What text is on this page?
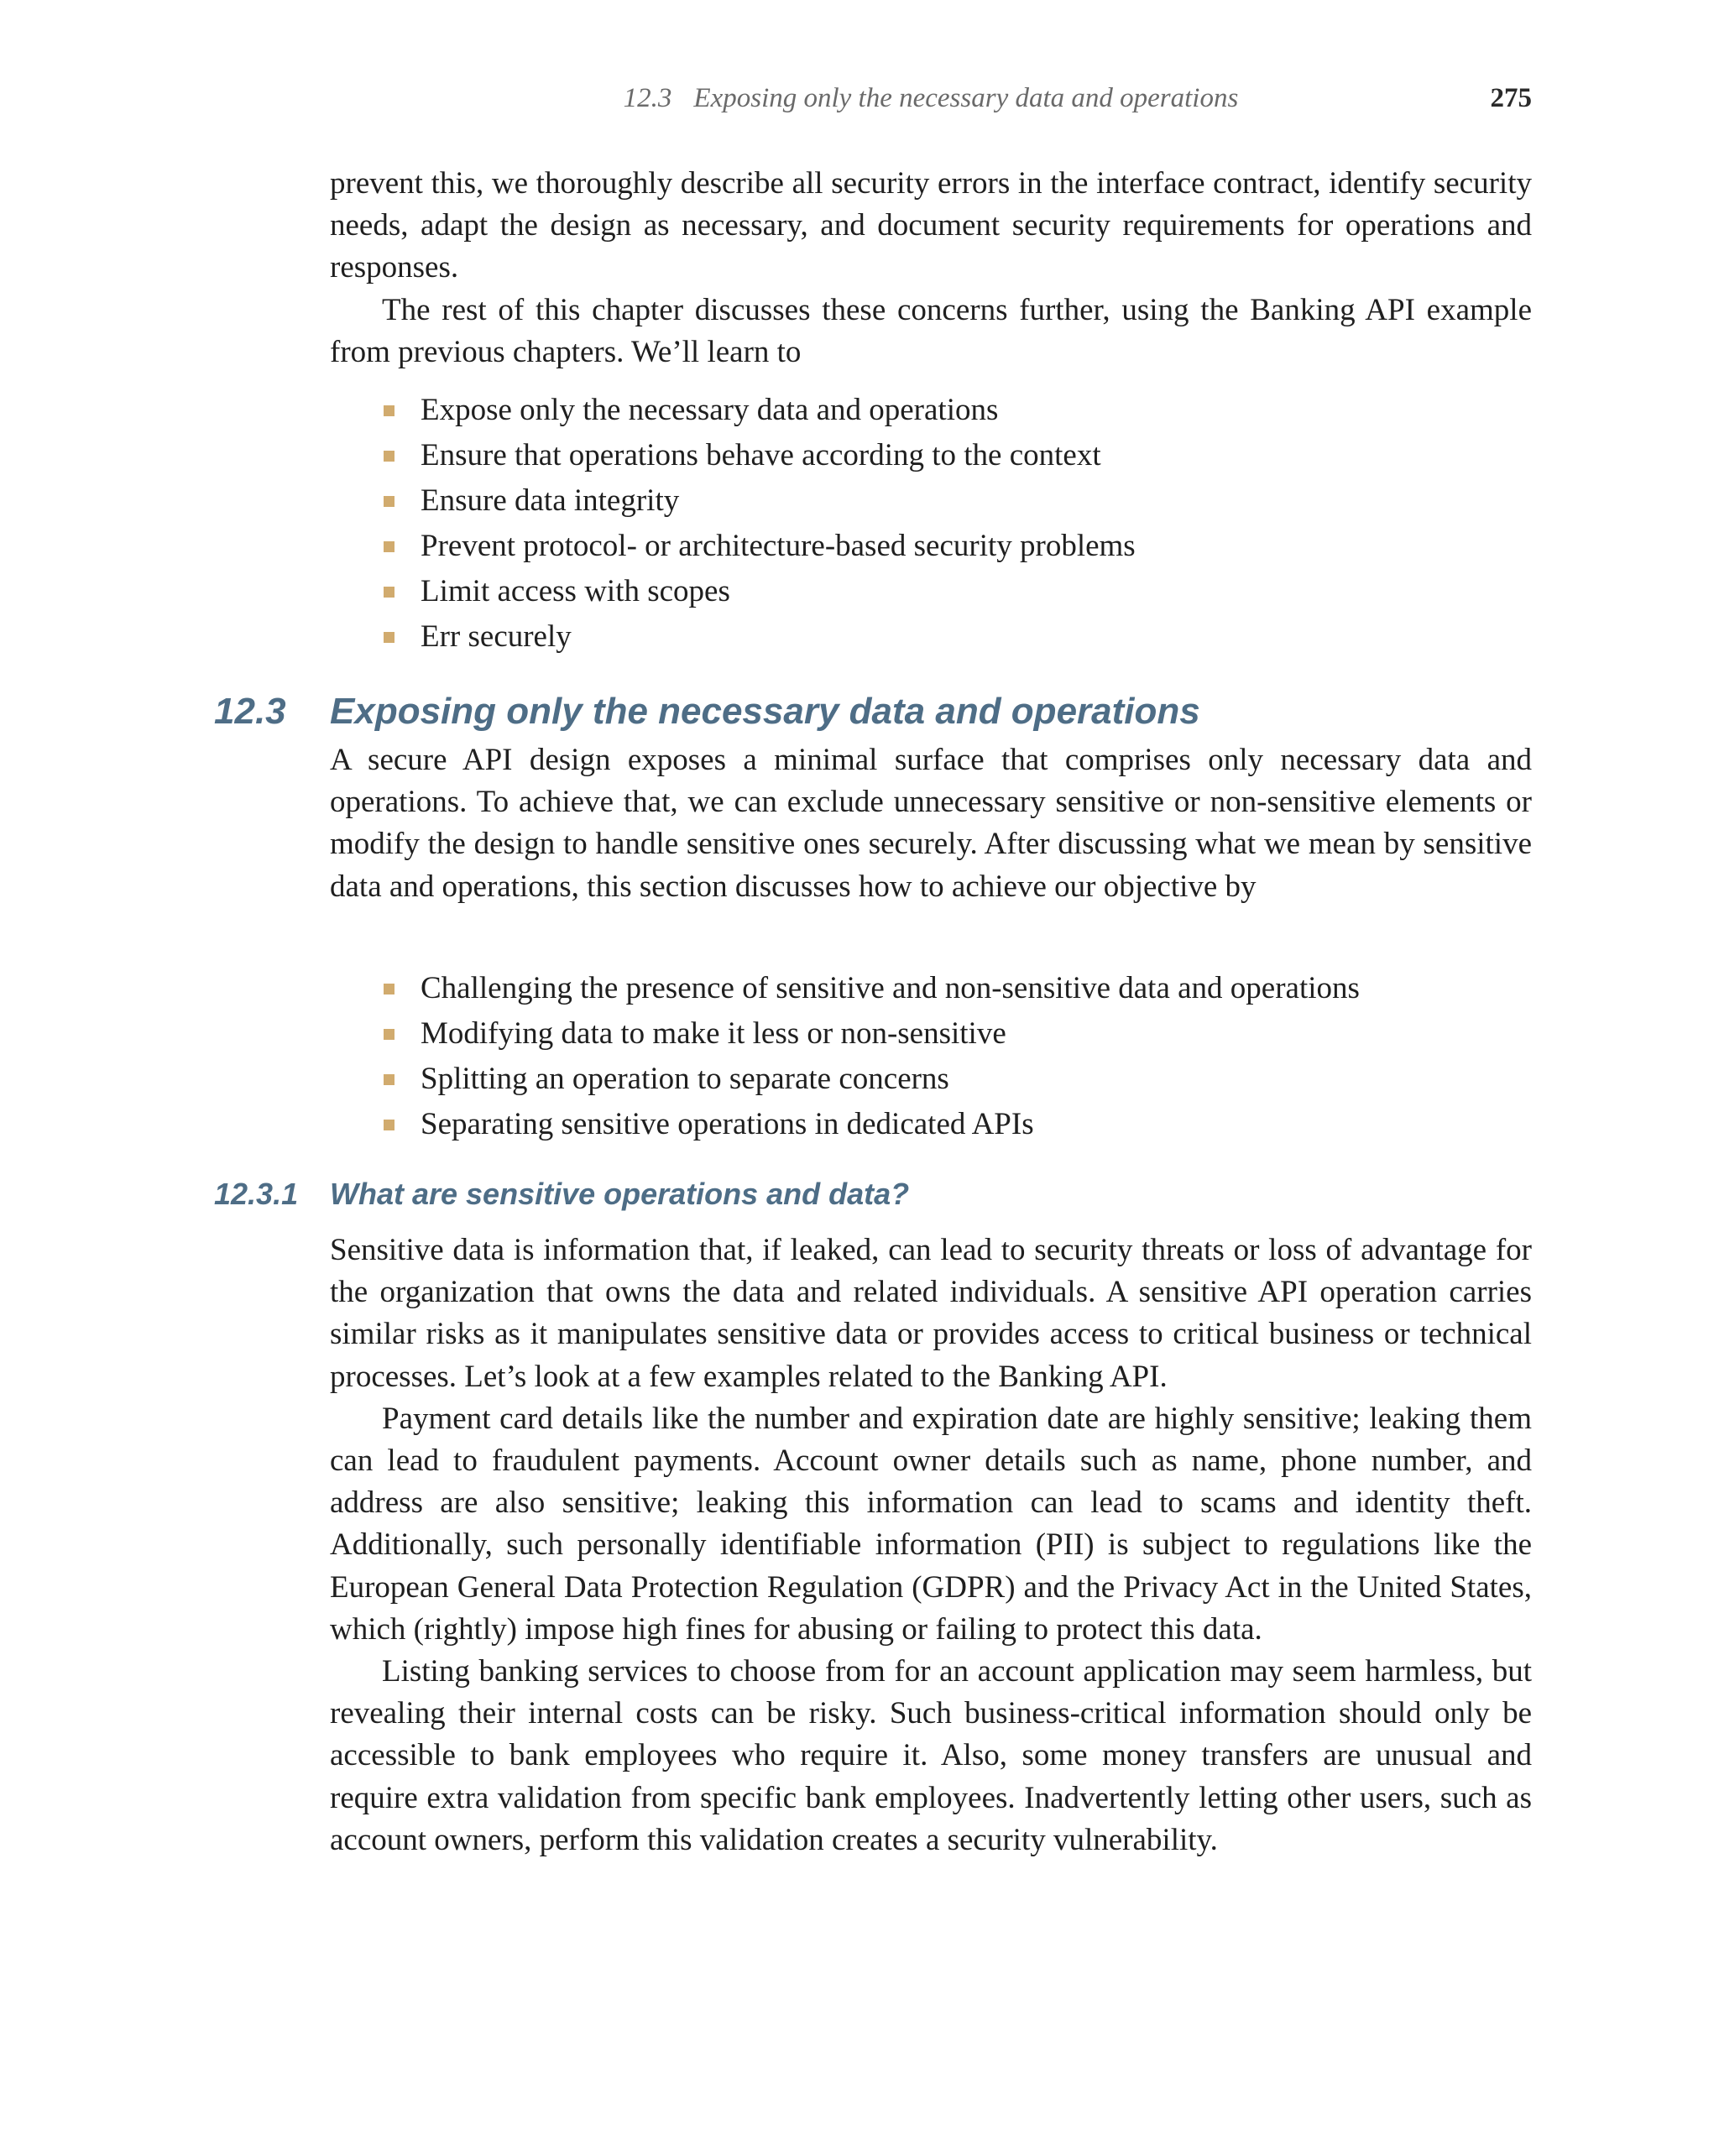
12.3 Exposing only the necessary data and operations	275

prevent this, we thoroughly describe all security errors in the interface contract, identify security needs, adapt the design as necessary, and document security requirements for operations and responses.

The rest of this chapter discusses these concerns further, using the Banking API example from previous chapters. We’ll learn to

Expose only the necessary data and operations
Ensure that operations behave according to the context
Ensure data integrity
Prevent protocol- or architecture-based security problems
Limit access with scopes
Err securely
12.3 Exposing only the necessary data and operations

A secure API design exposes a minimal surface that comprises only necessary data and operations. To achieve that, we can exclude unnecessary sensitive or non-sensitive elements or modify the design to handle sensitive ones securely. After discussing what we mean by sensitive data and operations, this section discusses how to achieve our objective by

Challenging the presence of sensitive and non-sensitive data and operations
Modifying data to make it less or non-sensitive
Splitting an operation to separate concerns
Separating sensitive operations in dedicated APIs
12.3.1 What are sensitive operations and data?

Sensitive data is information that, if leaked, can lead to security threats or loss of advantage for the organization that owns the data and related individuals. A sensitive API operation carries similar risks as it manipulates sensitive data or provides access to critical business or technical processes. Let’s look at a few examples related to the Banking API.

Payment card details like the number and expiration date are highly sensitive; leaking them can lead to fraudulent payments. Account owner details such as name, phone number, and address are also sensitive; leaking this information can lead to scams and identity theft. Additionally, such personally identifiable information (PII) is subject to regulations like the European General Data Protection Regulation (GDPR) and the Privacy Act in the United States, which (rightly) impose high fines for abusing or failing to protect this data.

Listing banking services to choose from for an account application may seem harmless, but revealing their internal costs can be risky. Such business-critical information should only be accessible to bank employees who require it. Also, some money transfers are unusual and require extra validation from specific bank employees. Inadvertently letting other users, such as account owners, perform this validation creates a security vulnerability.
